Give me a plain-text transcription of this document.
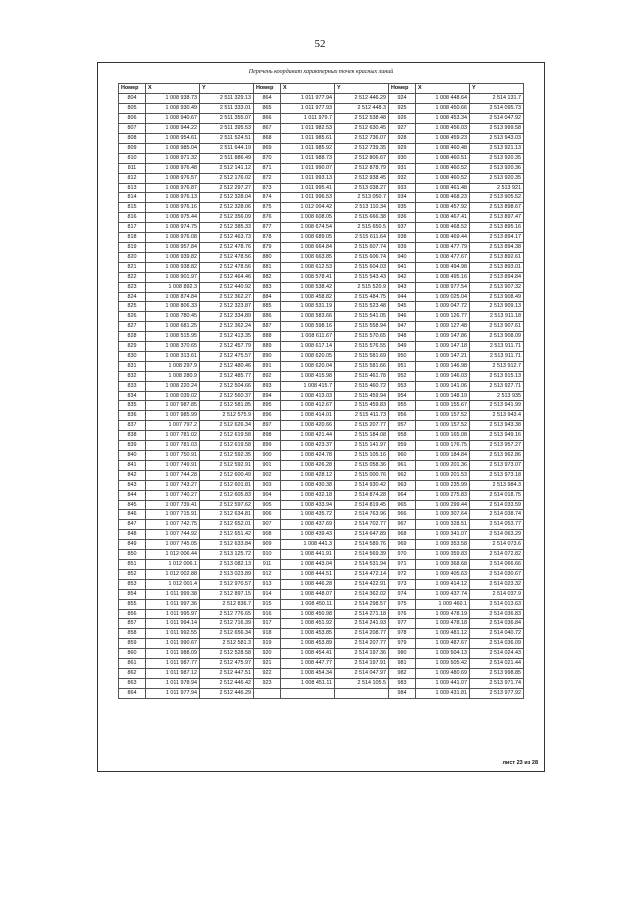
52
Перечень координат характерных точек красных линий
Номер	X	Y	Номер	X	Y	Номер	X	Y
804	1 008 938.73	2 511 329.13	864	1 011 977.94	2 512 446.29	924	1 008 448.64	2 514 131.7
805	1 008 930.49	2 511 333.01	865	1 011 977.93	2 512 448.3	925	1 008 450.66	2 514 095.73
806	1 008 940.67	2 511 355.07	866	1 011 979.7	2 512 538.48	926	1 008 453.34	2 514 047.92
807	1 008 944.22	2 511 395.53	867	1 011 982.53	2 512 630.45	927	1 008 456.03	2 513 999.58
808	1 008 954.61	2 511 524.51	868	1 011 985.61	2 512 736.07	928	1 008 459.23	2 513 943.03
809	1 008 985.04	2 511 644.19	869	1 011 985.92	2 512 739.35	929	1 008 460.48	2 513 921.13
810	1 008 971.32	2 511 886.49	870	1 011 988.73	2 512 806.67	930	1 008 460.51	2 513 920.35
811	1 008 976.48	2 512 141.12	871	1 011 990.07	2 512 878.79	931	1 008 460.52	2 513 920.36
812	1 008 976.57	2 512 176.02	872	1 011 993.13	2 512 938.45	932	1 008 460.52	2 513 920.35
813	1 008 976.87	2 512 297.27	873	1 011 995.41	2 513 038.27	933	1 008 461.48	2 513 921
814	1 008 976.13	2 512 328.04	874	1 011 996.53	2 513 050.7	934	1 008 468.23	2 513 905.52
815	1 008 976.16	2 512 328.06	875	1 012 004.42	2 513 110.34	935	1 008 457.92	2 513 898.67
816	1 008 975.44	2 512 356.09	876	1 008 608.05	2 515 666.38	936	1 008 467.41	2 513 897.47
817	1 008 974.75	2 512 385.33	877	1 008 674.54	2 515 650.5	937	1 008 468.52	2 513 895.16
818	1 008 976.08	2 512 463.73	878	1 008 689.05	2 515 611.64	938	1 008 469.44	2 513 894.17
819	1 008 957.84	2 512 478.76	879	1 008 664.84	2 515 607.74	939	1 008 477.79	2 513 894.38
820	1 008 939.82	2 512 478.56	880	1 008 663.85	2 515 606.74	940	1 008 477.67	2 513 892.61
821	1 008 938.82	2 512 478.56	881	1 008 612.53	2 515 604.03	941	1 008 494.98	2 513 893.01
822	1 008 901.97	2 512 464.46	882	1 008 578.41	2 515 543.43	942	1 008 495.16	2 513 894.84
823	1 008 892.3	2 512 440.92	883	1 008 538.42	2 515 520.9	943	1 008 977.54	2 513 907.32
824	1 008 874.84	2 512 362.27	884	1 008 458.82	2 515 484.75	944	1 009 025.04	2 513 908.49
825	1 008 806.33	2 512 323.87	885	1 008 531.19	2 515 523.48	945	1 009 047.72	2 513 909.13
826	1 008 780.45	2 512 334.89	886	1 008 583.66	2 515 541.05	946	1 009 126.77	2 513 911.18
827	1 008 681.25	2 512 362.24	887	1 008 598.16	2 515 558.94	947	1 009 127.48	2 513 907.61
828	1 008 515.95	2 512 413.35	888	1 008 611.67	2 515 570.65	948	1 009 147.86	2 513 908.09
829	1 008 370.65	2 512 457.79	889	1 008 617.14	2 515 576.55	949	1 009 147.18	2 513 911.71
830	1 008 313.61	2 512 475.57	890	1 008 620.05	2 515 581.69	950	1 009 147.21	2 513 911.71
831	1 008 297.9	2 512 480.46	891	1 008 620.04	2 515 581.66	951	1 009 146.98	2 513 912.7
832	1 008 280.9	2 512 485.77	892	1 008 415.98	2 515 461.78	952	1 009 146.03	2 513 915.13
833	1 008 220.24	2 512 504.66	893	1 008 415.7	2 515 460.72	953	1 009 141.06	2 513 927.71
834	1 008 039.02	2 512 560.37	894	1 008 413.03	2 515 459.94	954	1 009 148.19	2 513 935
835	1 007 987.85	2 512 581.85	895	1 008 412.67	2 515 459.83	955	1 009 155.67	2 513 941.99
836	1 007 985.99	2 512 575.9	896	1 008 414.01	2 515 411.73	956	1 009 157.52	2 513 943.4
837	1 007 797.2	2 512 626.34	897	1 008 420.66	2 515 207.77	957	1 009 157.52	2 513 943.38
838	1 007 781.02	2 512 619.58	898	1 008 421.44	2 515 184.08	958	1 009 165.08	2 513 949.16
839	1 007 781.03	2 512 619.58	899	1 008 423.37	2 515 141.97	959	1 009 176.75	2 513 957.27
840	1 007 750.91	2 512 592.35	900	1 008 424.78	2 515 105.16	960	1 009 184.84	2 513 962.86
841	1 007 749.91	2 512 592.91	901	1 008 426.28	2 515 058.36	961	1 009 201.36	2 513 973.07
842	1 007 744.28	2 512 600.49	902	1 008 428.12	2 515 000.76	962	1 009 201.53	2 513 973.18
843	1 007 743.27	2 512 601.81	903	1 008 430.38	2 514 930.42	963	1 009 235.99	2 513 984.3
844	1 007 740.27	2 512 605.83	904	1 008 432.18	2 514 874.28	964	1 009 275.83	2 514 018.75
845	1 007 739.41	2 512 597.62	905	1 008 433.94	2 514 819.45	965	1 009 299.44	2 514 033.59
846	1 007 715.91	2 512 634.81	906	1 008 435.72	2 514 763.96	966	1 009 307.64	2 514 038.74
847	1 007 742.75	2 512 652.01	907	1 008 437.69	2 514 702.77	967	1 009 328.51	2 514 053.77
848	1 007 744.92	2 512 651.42	908	1 008 439.43	2 514 647.89	968	1 009 341.07	2 514 063.29
849	1 007 745.05	2 512 633.84	909	1 008 441.3	2 514 589.76	969	1 009 353.58	2 514 073.6
850	1 012 006.44	2 513 125.72	910	1 008 441.91	2 514 569.39	970	1 009 359.83	2 514 072.82
851	1 012 006.1	2 513 082.13	911	1 008 443.04	2 514 531.94	971	1 009 368.68	2 514 066.66
852	1 012 002.88	2 513 023.89	912	1 008 444.51	2 514 472.14	972	1 009 405.63	2 514 030.67
853	1 012 001.4	2 512 970.57	913	1 008 446.28	2 514 422.91	973	1 009 414.12	2 514 023.32
854	1 011 999.38	2 512 897.15	914	1 008 448.07	2 514 362.02	974	1 009 437.74	2 514 037.9
855	1 011 997.36	2 512 836.7	915	1 008 450.11	2 514 298.57	975	1 009 460.1	2 514 013.63
856	1 011 995.97	2 512 776.65	916	1 008 450.98	2 514 271.18	976	1 009 478.19	2 514 036.83
857	1 011 994.14	2 512 716.39	917	1 008 451.92	2 514 241.93	977	1 009 478.18	2 514 036.84
858	1 011 992.55	2 512 656.34	918	1 008 453.85	2 514 208.77	978	1 009 481.12	2 514 040.72
859	1 011 990.67	2 512 581.3	919	1 008 453.89	2 514 207.77	979	1 009 487.67	2 514 036.09
860	1 011 988.09	2 512 528.58	920	1 008 454.41	2 514 197.36	980	1 009 504.13	2 514 024.43
861	1 011 987.77	2 512 475.97	921	1 008 447.77	2 514 197.91	981	1 009 505.42	2 514 021.44
862	1 011 987.12	2 512 447.51	922	1 008 454.34	2 514 047.97	982	1 009 480.69	2 513 998.85
863	1 011 978.94	2 512 446.42	923	1 008 451.11	2 514 105.5	983	1 009 441.07	2 513 971.74
864	1 011 977.94	2 512 446.29				984	1 009 431.81	2 513 977.92
лист 23 из 28
